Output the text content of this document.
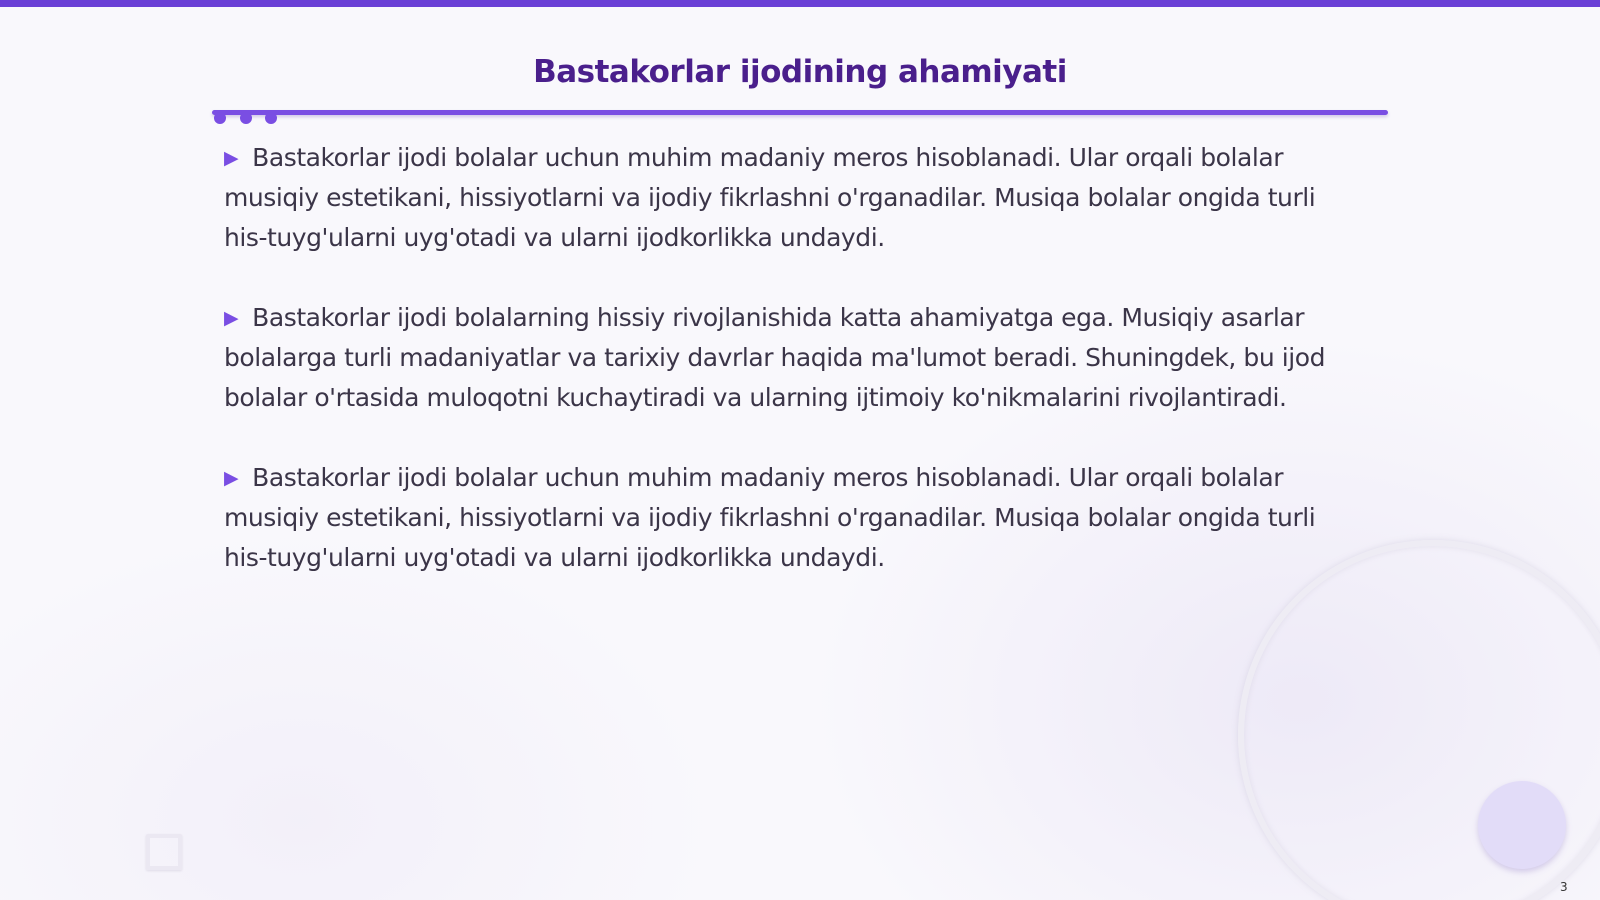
Bastakorlar ijodining ahamiyati

▶ Bastakorlar ijodi bolalar uchun muhim madaniy meros hisoblanadi. Ular orqali bolalar musiqiy estetikani, hissiyotlarni va ijodiy fikrlashni o'rganadilar. Musiqa bolalar ongida turli his-tuyg'ularni uyg'otadi va ularni ijodkorlikka undaydi.

▶ Bastakorlar ijodi bolalarning hissiy rivojlanishida katta ahamiyatga ega. Musiqiy asarlar bolalarga turli madaniyatlar va tarixiy davrlar haqida ma'lumot beradi. Shuningdek, bu ijod bolalar o'rtasida muloqotni kuchaytiradi va ularning ijtimoiy ko'nikmalarini rivojlantiradi.

▶ Bastakorlar ijodi bolalar uchun muhim madaniy meros hisoblanadi. Ular orqali bolalar musiqiy estetikani, hissiyotlarni va ijodiy fikrlashni o'rganadilar. Musiqa bolalar ongida turli his-tuyg'ularni uyg'otadi va ularni ijodkorlikka undaydi.

3
